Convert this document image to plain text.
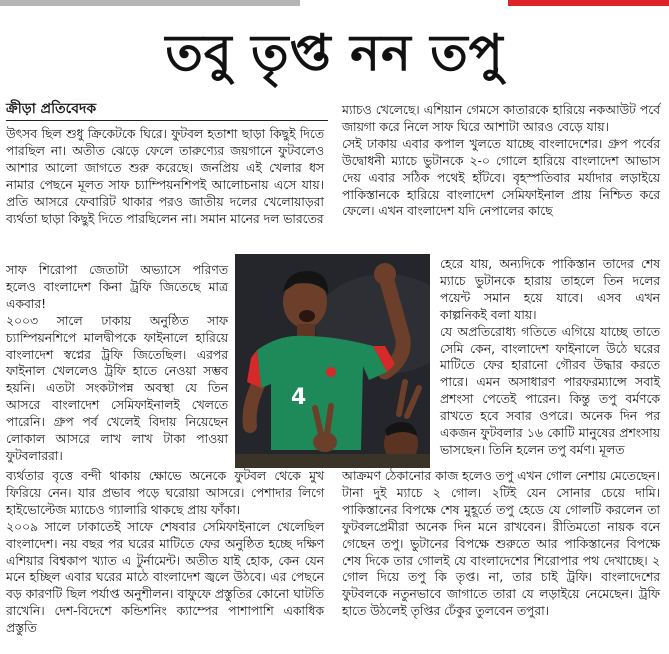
তবু তৃপ্ত নন তপু
ক্রীড়া প্রতিবেদক

উৎসব ছিল শুধু ক্রিকেটকে ঘিরে। ফুটবল হতাশা ছাড়া কিছুই দিতে পারছিল না। অতীত ঝেড়ে ফেলে তারুণ্যের জয়গানে ফুটবলেও আশার আলো জাগতে শুরু করেছে। জনপ্রিয় এই খেলার ধস নামার পেছনে মূলত সাফ চ্যাম্পিয়নশিপই আলোচনায় এসে যায়। প্রতি আসরে ফেবারিট থাকার পরও জাতীয় দলের খেলোয়াড়রা ব্যর্থতা ছাড়া কিছুই দিতে পারছিলেন না। সমান মানের দল ভারতের

সাফ শিরোপা জেতাটা অভ্যাসে পরিণত হলেও বাংলাদেশ কিনা ট্রফি জিতেছে মাত্র একবার!

২০০৩ সালে ঢাকায় অনুষ্ঠিত সাফ চ্যাম্পিয়নশিপে মালদ্বীপকে ফাইনালে হারিয়ে বাংলাদেশ স্বপ্নের ট্রফি জিতেছিল। এরপর ফাইনাল খেললেও ট্রফি হাতে নেওয়া সম্ভব হয়নি। এতটা সংকটাপন্ন অবস্থা যে তিন আসরে বাংলাদেশ সেমিফাইনালই খেলতে পারেনি। গ্রুপ পর্ব খেলেই বিদায় নিয়েছেন লোকাল আসরে লাখ লাখ টাকা পাওয়া ফুটবলাররা।

ব্যর্থতার বৃত্তে বন্দী থাকায় ক্ষোভে অনেকে ফুটবল থেকে মুখ ফিরিয়ে নেন। যার প্রভাব পড়ে ঘরোয়া আসরে। পেশাদার লিগে হাইভোল্টেজ ম্যাচেও গ্যালারি থাকছে প্রায় ফাঁকা।

২০০৯ সালে ঢাকাতেই সাফে শেষবার সেমিফাইনালে খেলেছিল বাংলাদেশ। নয় বছর পর ঘরের মাটিতে ফের অনুষ্ঠিত হচ্ছে দক্ষিণ এশিয়ার বিশ্বকাপ খ্যাত এ টুর্নামেন্ট। অতীত যাই হোক, কেন যেন মনে হচ্ছিল এবার ঘরের মাঠে বাংলাদেশ জ্বলে উঠবে। এর পেছনে বড় কারণটি ছিল পর্যাপ্ত অনুশীলন। বাফুফে প্রস্তুতির কোনো ঘাটতি রাখেনি। দেশ-বিদেশে কন্ডিশনিং ক্যাম্পের পাশাপাশি একাধিক প্রস্তুতি

ম্যাচও খেলেছে। এশিয়ান গেমসে কাতারকে হারিয়ে নকআউট পর্বে জায়গা করে নিলে সাফ ঘিরে আশাটা আরও বেড়ে যায়।

সেই ঢাকায় এবার কপাল খুলতে যাচ্ছে বাংলাদেশের। গ্রুপ পর্বের উদ্বোধনী ম্যাচে ভুটানকে ২-০ গোলে হারিয়ে বাংলাদেশ আভাস দেয় এবার সঠিক পথেই হাঁটবে। বৃহস্পতিবার মর্যাদার লড়াইয়ে পাকিস্তানকে হারিয়ে বাংলাদেশ সেমিফাইনাল প্রায় নিশ্চিত করে ফেলে। এখন বাংলাদেশ যদি নেপালের কাছে

হেরে যায়, অন্যদিকে পাকিস্তান তাদের শেষ ম্যাচে ভুটানকে হারায় তাহলে তিন দলের পয়েন্ট সমান হয়ে যাবে। এসব এখন কাল্পনিকই বলা যায়।

যে অপ্রতিরোধ্য গতিতে এগিয়ে যাচ্ছে তাতে সেমি কেন, বাংলাদেশ ফাইনালে উঠে ঘরের মাটিতে ফের হারানো গৌরব উদ্ধার করতে পারে। এমন অসাধারণ পারফরম্যান্সে সবাই প্রশংসা পেতেই পারেন। কিন্তু তপু বর্মণকে রাখতে হবে সবার ওপরে। অনেক দিন পর একজন ফুটবলার ১৬ কোটি মানুষের প্রশংসায় ভাসছেন। তিনি হলেন তপু বর্মণ। মূলত

আক্রমণ ঠেকানোর কাজ হলেও তপু এখন গোল নেশায় মেতেছেন। টানা দুই ম্যাচে ২ গোল। ২টিই যেন সোনার চেয়ে দামি। পাকিস্তানের বিপক্ষে শেষ মুহূর্তে তপু হেডে যে গোলটি করলেন তা ফুটবলপ্রেমীরা অনেক দিন মনে রাখবেন। রীতিমতো নায়ক বনে গেছেন তপু। ভুটানের বিপক্ষে শুরুতে আর পাকিস্তানের বিপক্ষে শেষ দিকে তার গোলই যে বাংলাদেশের শিরোপার পথ দেখাচ্ছে। ২ গোল দিয়ে তপু কি তৃপ্ত। না, তার চাই ট্রফি। বাংলাদেশের ফুটবলকে নতুনভাবে জাগাতে তারা যে লড়াইয়ে নেমেছেন। ট্রফি হাতে উঠলেই তৃপ্তির ঢেঁকুর তুলবেন তপুরা।

4
